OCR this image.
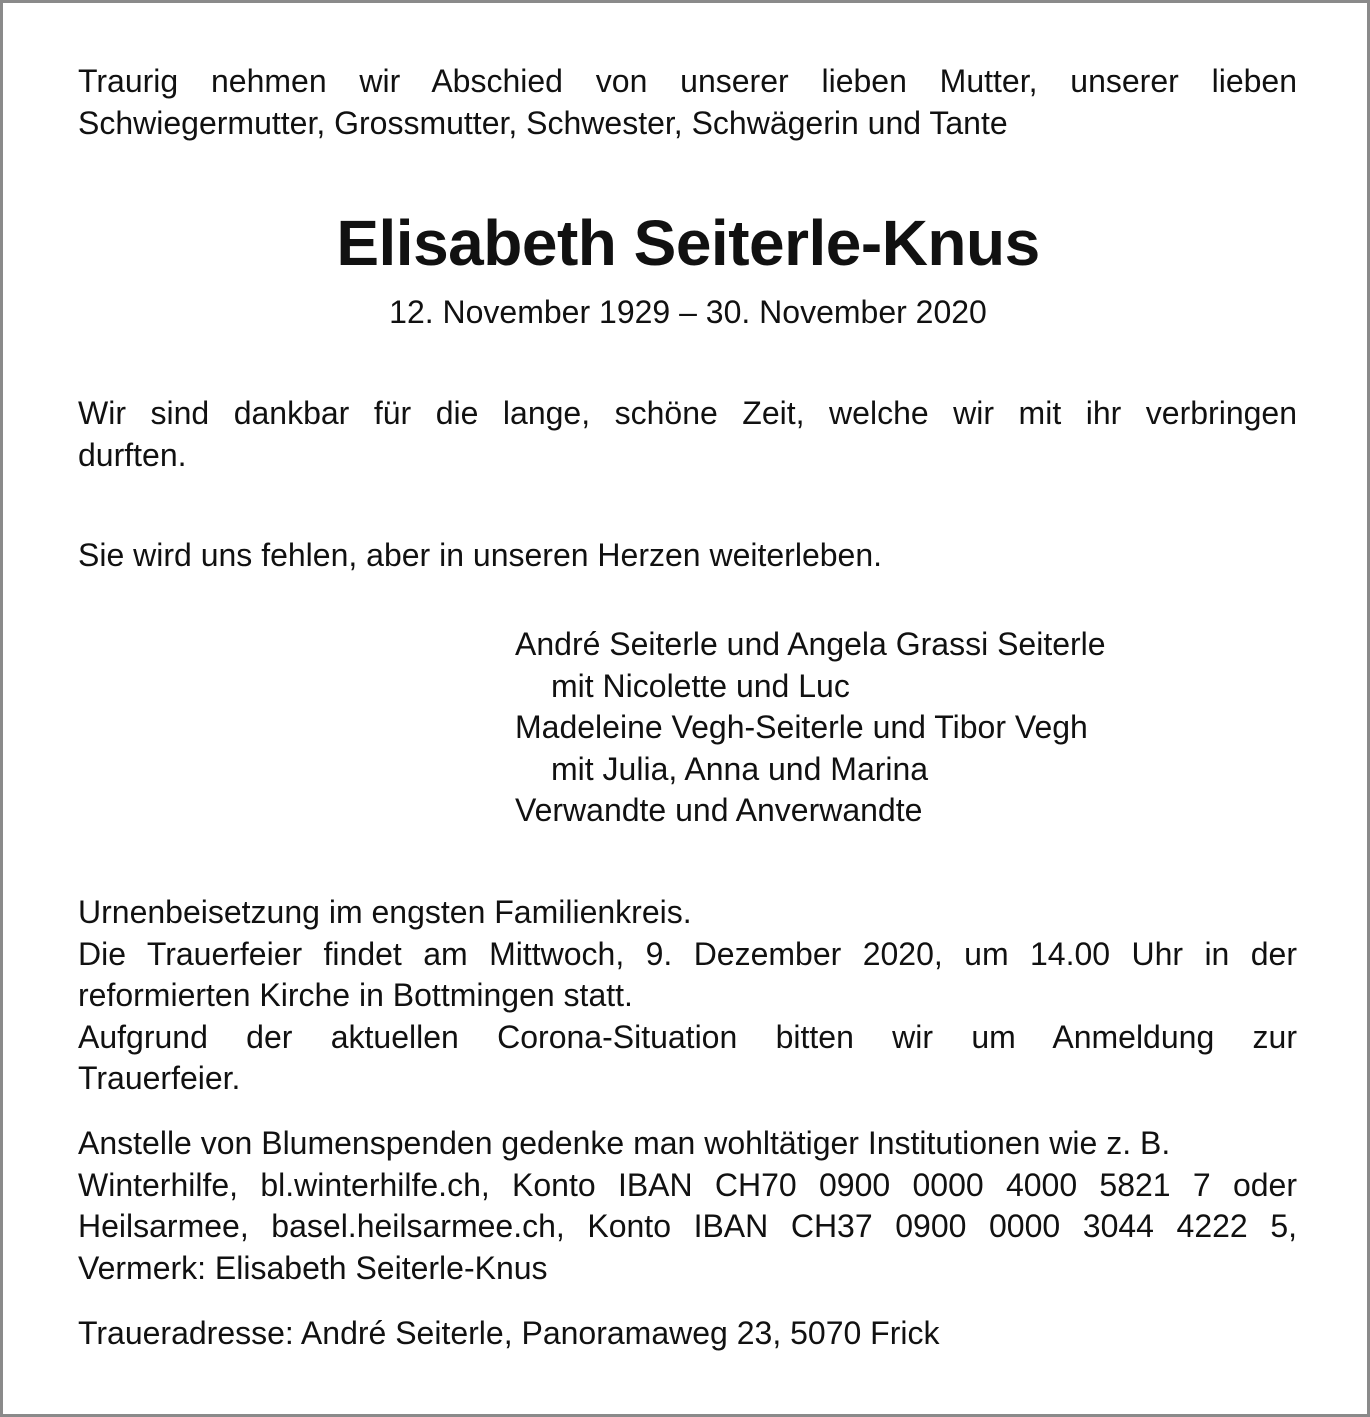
Traurig nehmen wir Abschied von unserer lieben Mutter, unserer lieben
Schwiegermutter, Grossmutter, Schwester, Schwägerin und Tante

Elisabeth Seiterle-Knus

12. November 1929 – 30. November 2020

Wir sind dankbar für die lange, schöne Zeit, welche wir mit ihr verbringen
durften.

Sie wird uns fehlen, aber in unseren Herzen weiterleben.

André Seiterle und Angela Grassi Seiterle
mit Nicolette und Luc
Madeleine Vegh-Seiterle und Tibor Vegh
mit Julia, Anna und Marina
Verwandte und Anverwandte

Urnenbeisetzung im engsten Familienkreis.
Die Trauerfeier findet am Mittwoch, 9. Dezember 2020, um 14.00 Uhr in der
reformierten Kirche in Bottmingen statt.
Aufgrund der aktuellen Corona-Situation bitten wir um Anmeldung zur
Trauerfeier.

Anstelle von Blumenspenden gedenke man wohltätiger Institutionen wie z. B.
Winterhilfe, bl.winterhilfe.ch, Konto IBAN CH70 0900 0000 4000 5821 7 oder
Heilsarmee, basel.heilsarmee.ch, Konto IBAN CH37 0900 0000 3044 4222 5,
Vermerk: Elisabeth Seiterle-Knus

Traueradresse: André Seiterle, Panoramaweg 23, 5070 Frick
